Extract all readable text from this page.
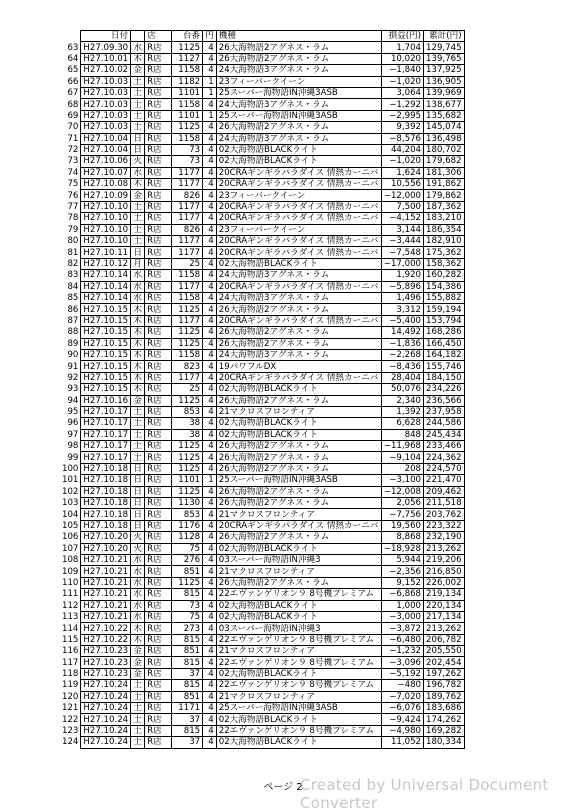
	日付		店	台番	円	機種	損益(円)	累計(円)
63	H27.09.30	水	R店	1125	4	26大海物語2アグネス・ラム	1,704	129,745
64	H27.10.01	木	R店	1127	4	26大海物語2アグネス・ラム	10,020	139,765
65	H27.10.02	金	R店	1158	4	24大海物語3アグネス・ラム	−1,840	137,925
66	H27.10.03	土	R店	1182	1	23フィーバークイーン	−1,020	136,905
67	H27.10.03	土	R店	1101	1	25スーパー海物語IN沖縄3ASB	3,064	139,969
68	H27.10.03	土	R店	1158	4	24大海物語3アグネス・ラム	−1,292	138,677
69	H27.10.03	土	R店	1101	1	25スーパー海物語IN沖縄3ASB	−2,995	135,682
70	H27.10.03	土	R店	1125	4	26大海物語2アグネス・ラム	9,392	145,074
71	H27.10.04	日	R店	1158	4	24大海物語3アグネス・ラム	−8,576	136,498
72	H27.10.04	日	R店	73	4	02大海物語BLACKライト	44,204	180,702
73	H27.10.06	火	R店	73	4	02大海物語BLACKライト	−1,020	179,682
74	H27.10.07	水	R店	1177	4	20CRAギンギラパラダイス 情熱カーニバ	1,624	181,306
75	H27.10.08	木	R店	1177	4	20CRAギンギラパラダイス 情熱カーニバ	10,556	191,862
76	H27.10.09	金	R店	826	4	23フィーバークイーン	−12,000	179,862
77	H27.10.10	土	R店	1177	4	20CRAギンギラパラダイス 情熱カーニバ	7,500	187,362
78	H27.10.10	土	R店	1177	4	20CRAギンギラパラダイス 情熱カーニバ	−4,152	183,210
79	H27.10.10	土	R店	826	4	23フィーバークイーン	3,144	186,354
80	H27.10.10	土	R店	1177	4	20CRAギンギラパラダイス 情熱カーニバ	−3,444	182,910
81	H27.10.11	日	R店	1177	4	20CRAギンギラパラダイス 情熱カーニバ	−7,548	175,362
82	H27.10.12	月	R店	25	4	02大海物語BLACKライト	−17,000	158,362
83	H27.10.14	水	R店	1158	4	24大海物語3アグネス・ラム	1,920	160,282
84	H27.10.14	水	R店	1177	4	20CRAギンギラパラダイス 情熱カーニバ	−5,896	154,386
85	H27.10.14	水	R店	1158	4	24大海物語3アグネス・ラム	1,496	155,882
86	H27.10.15	木	R店	1125	4	26大海物語2アグネス・ラム	3,312	159,194
87	H27.10.15	木	R店	1177	4	20CRAギンギラパラダイス 情熱カーニバ	−5,400	153,794
88	H27.10.15	木	R店	1125	4	26大海物語2アグネス・ラム	14,492	168,286
89	H27.10.15	木	R店	1125	4	26大海物語2アグネス・ラム	−1,836	166,450
90	H27.10.15	木	R店	1158	4	24大海物語3アグネス・ラム	−2,268	164,182
91	H27.10.15	木	R店	823	4	19パワフルDX	−8,436	155,746
92	H27.10.15	木	R店	1177	4	20CRAギンギラパラダイス 情熱カーニバ	28,404	184,150
93	H27.10.15	木	R店	25	4	02大海物語BLACKライト	50,076	234,226
94	H27.10.16	金	R店	1125	4	26大海物語2アグネス・ラム	2,340	236,566
95	H27.10.17	土	R店	853	4	21マクロスフロンティア	1,392	237,958
96	H27.10.17	土	R店	38	4	02大海物語BLACKライト	6,628	244,586
97	H27.10.17	土	R店	38	4	02大海物語BLACKライト	848	245,434
98	H27.10.17	土	R店	1125	4	26大海物語2アグネス・ラム	−11,968	233,466
99	H27.10.17	土	R店	1125	4	26大海物語2アグネス・ラム	−9,104	224,362
100	H27.10.18	日	R店	1125	4	26大海物語2アグネス・ラム	208	224,570
101	H27.10.18	日	R店	1101	1	25スーパー海物語IN沖縄3ASB	−3,100	221,470
102	H27.10.18	日	R店	1125	4	26大海物語2アグネス・ラム	−12,008	209,462
103	H27.10.18	日	R店	1130	4	26大海物語2アグネス・ラム	2,056	211,518
104	H27.10.18	日	R店	853	4	21マクロスフロンティア	−7,756	203,762
105	H27.10.18	日	R店	1176	4	20CRAギンギラパラダイス 情熱カーニバ	19,560	223,322
106	H27.10.20	火	R店	1128	4	26大海物語2アグネス・ラム	8,868	232,190
107	H27.10.20	火	R店	75	4	02大海物語BLACKライト	−18,928	213,262
108	H27.10.21	水	R店	276	4	03スーパー海物語IN沖縄3	5,944	219,206
109	H27.10.21	水	R店	851	4	21マクロスフロンティア	−2,356	216,850
110	H27.10.21	水	R店	1125	4	26大海物語2アグネス・ラム	9,152	226,002
111	H27.10.21	水	R店	815	4	22エヴァンゲリオン９ 8号機プレミアム	−6,868	219,134
112	H27.10.21	水	R店	73	4	02大海物語BLACKライト	1,000	220,134
113	H27.10.21	水	R店	75	4	02大海物語BLACKライト	−3,000	217,134
114	H27.10.22	木	R店	273	4	03スーパー海物語IN沖縄3	−3,872	213,262
115	H27.10.22	木	R店	815	4	22エヴァンゲリオン９ 8号機プレミアム	−6,480	206,782
116	H27.10.23	金	R店	851	4	21マクロスフロンティア	−1,232	205,550
117	H27.10.23	金	R店	815	4	22エヴァンゲリオン９ 8号機プレミアム	−3,096	202,454
118	H27.10.23	金	R店	37	4	02大海物語BLACKライト	−5,192	197,262
119	H27.10.24	土	R店	815	4	22エヴァンゲリオン９ 8号機プレミアム	−480	196,782
120	H27.10.24	土	R店	851	4	21マクロスフロンティア	−7,020	189,762
121	H27.10.24	土	R店	1171	4	25スーパー海物語IN沖縄3ASB	−6,076	183,686
122	H27.10.24	土	R店	37	4	02大海物語BLACKライト	−9,424	174,262
123	H27.10.24	土	R店	815	4	22エヴァンゲリオン９ 8号機プレミアム	−4,980	169,282
124	H27.10.24	土	R店	37	4	02大海物語BLACKライト	11,052	180,334
ページ 2
Created by Universal Document Converter
